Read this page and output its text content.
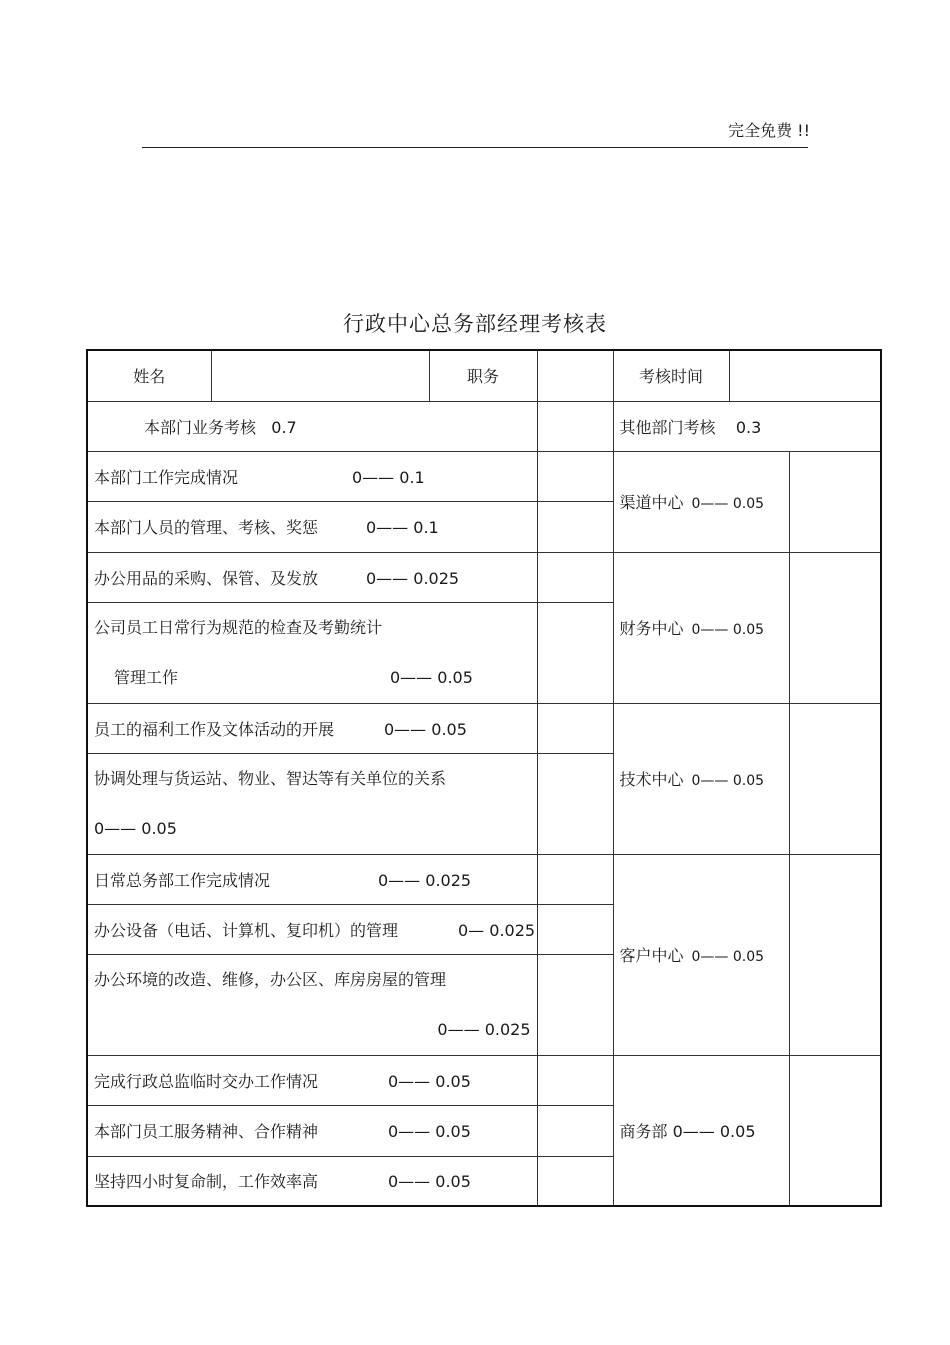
完全免费 !!
行政中心总务部经理考核表
姓名		职务		考核时间		
本部门业务考核 0.7				其他部门考核 0.3		
本部门工作完成情况 0—— 0.1				渠道中心 0—— 0.05		
本部门人员的管理、考核、奖惩 0—— 0.1						
办公用品的采购、保管、及发放 0—— 0.025				财务中心 0—— 0.05		

公司员工日常行为规范的检查及考勤统计
管理工作 0—— 0.05						

员工的福利工作及文体活动的开展 0—— 0.05				技术中心 0—— 0.05		

协调处理与货运站、物业、智达等有关单位的关系
0—— 0.05						

日常总务部工作完成情况 0—— 0.025				客户中心 0—— 0.05		
办公设备（电话、计算机、复印机）的管理 0— 0.025						

办公环境的改造、维修，办公区、库房房屋的管理
0—— 0.025						

完成行政总监临时交办工作情况 0—— 0.05				商务部 0—— 0.05		
本部门员工服务精神、合作精神 0—— 0.05						
坚持四小时复命制，工作效率高 0—— 0.05						
